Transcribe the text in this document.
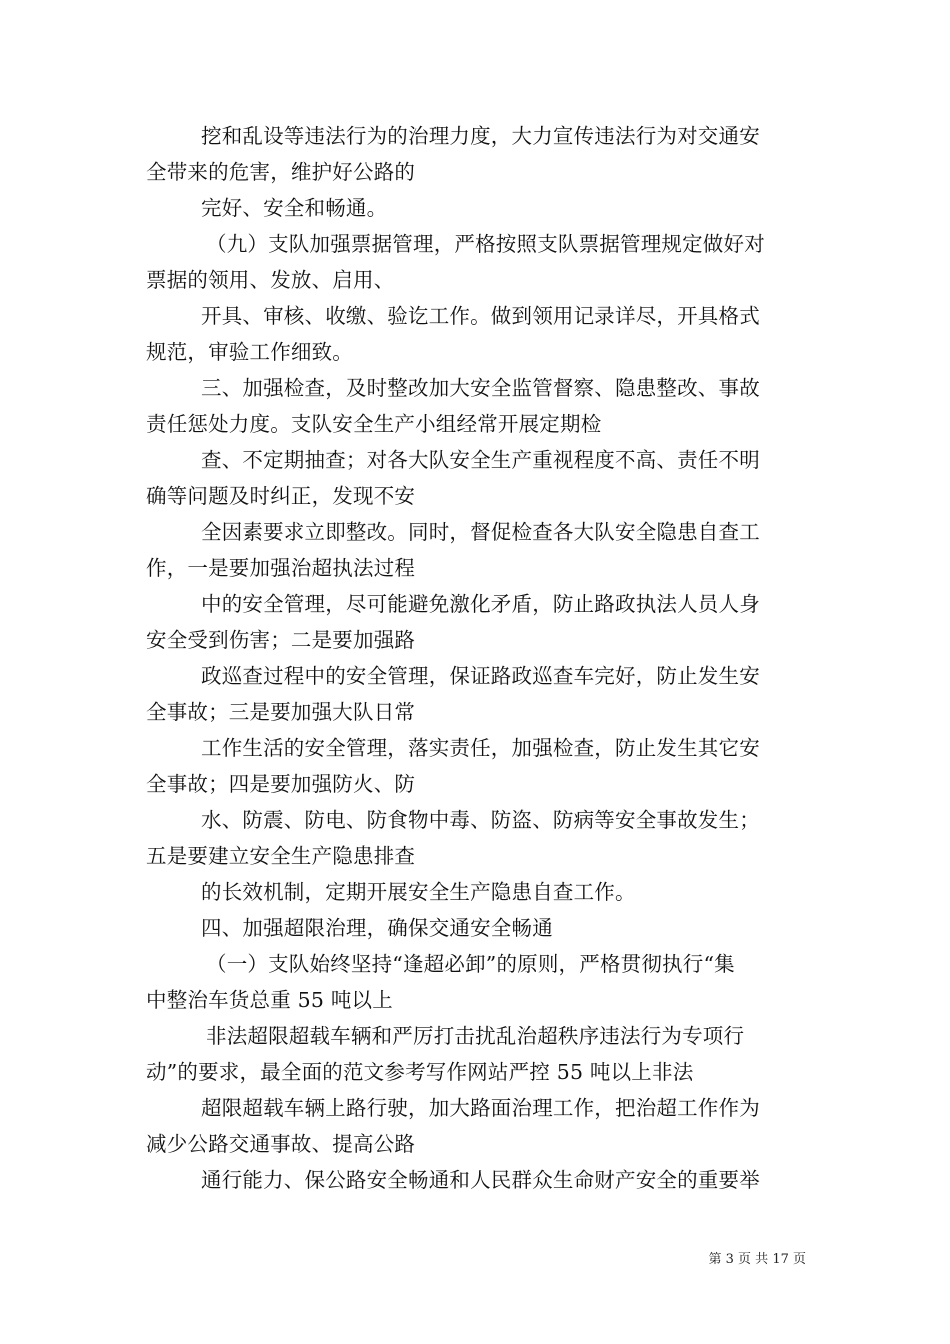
挖和乱设等违法行为的治理力度，大力宣传违法行为对交通安
全带来的危害，维护好公路的
完好、安全和畅通。
（九）支队加强票据管理，严格按照支队票据管理规定做好对
票据的领用、发放、启用、
开具、审核、收缴、验讫工作。做到领用记录详尽，开具格式
规范，审验工作细致。
三、加强检查，及时整改加大安全监管督察、隐患整改、事故
责任惩处力度。支队安全生产小组经常开展定期检
查、不定期抽查；对各大队安全生产重视程度不高、责任不明
确等问题及时纠正，发现不安
全因素要求立即整改。同时，督促检查各大队安全隐患自查工
作，一是要加强治超执法过程
中的安全管理，尽可能避免激化矛盾，防止路政执法人员人身
安全受到伤害；二是要加强路
政巡查过程中的安全管理，保证路政巡查车完好，防止发生安
全事故；三是要加强大队日常
工作生活的安全管理，落实责任，加强检查，防止发生其它安
全事故；四是要加强防火、防
水、防震、防电、防食物中毒、防盗、防病等安全事故发生；
五是要建立安全生产隐患排查
的长效机制，定期开展安全生产隐患自查工作。
四、加强超限治理，确保交通安全畅通
（一）支队始终坚持“逢超必卸”的原则，严格贯彻执行“集
中整治车货总重 55 吨以上
非法超限超载车辆和严厉打击扰乱治超秩序违法行为专项行
动”的要求，最全面的范文参考写作网站严控 55 吨以上非法
超限超载车辆上路行驶，加大路面治理工作，把治超工作作为
减少公路交通事故、提高公路
通行能力、保公路安全畅通和人民群众生命财产安全的重要举
第 3 页 共 17 页
